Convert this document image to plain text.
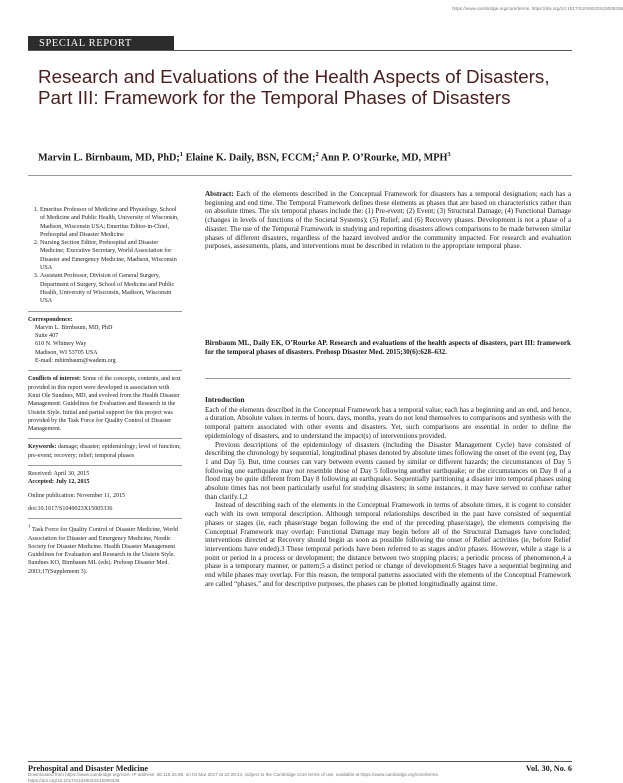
https://www.cambridge.org/core/terms. https://doi.org/10.1017/S1049023X15005336
SPECIAL REPORT
Research and Evaluations of the Health Aspects of Disasters, Part III: Framework for the Temporal Phases of Disasters
Marvin L. Birnbaum, MD, PhD;$^1$ Elaine K. Daily, BSN, FCCM;$^2$ Ann P. O’Rourke, MD, MPH$^3$
1. Emeritus Professor of Medicine and Physiology, School of Medicine and Public Health, University of Wisconsin, Madison, Wisconsin USA; Emeritus Editor-in-Chief, Prehospital and Disaster Medicine
2. Nursing Section Editor, Prehospital and Disaster Medicine; Executive Secretary, World Association for Disaster and Emergency Medicine, Madison, Wisconsin USA
3. Assistant Professor, Division of General Surgery, Department of Surgery, School of Medicine and Public Health, University of Wisconsin, Madison, Wisconsin USA
Correspondence:
Marvin L. Birnbaum, MD, PhD
Suite 407
610 N. Whitney Way
Madison, WI 53705 USA
E-mail: mbirnbaum@wadem.org
Conflicts of interest: Some of the concepts, contents, and text provided in this report were developed in association with Knut Ole Sundnes, MD, and evolved from the Health Disaster Management: Guidelines for Evaluation and Research in the Utstein Style. Initial and partial support for this project was provided by the Task Force for Quality Control of Disaster Management.
Keywords: damage; disaster; epidemiology; level of function; pre-event; recovery; relief; temporal phases
Received: April 30, 2015
Accepted: July 12, 2015
Online publication: November 11, 2015
doi:10.1017/S1049023X15005336
† Task Force for Quality Control of Disaster Medicine, World Association for Disaster and Emergency Medicine, Nordic Society for Disaster Medicine. Health Disaster Management Guidelines for Evaluation and Research in the Utstein Style. Sundnes KO, Birnbaum ML (eds). Prehosp Disaster Med. 2003;17(Supplement 3).

Abstract: Each of the elements described in the Conceptual Framework for disasters has a temporal designation; each has a beginning and end time. The Temporal Framework defines these elements as phases that are based on characteristics rather than on absolute times. The six temporal phases include the: (1) Pre-event; (2) Event; (3) Structural Damage; (4) Functional Damage (changes in levels of functions of the Societal Systems); (5) Relief; and (6) Recovery phases. Development is not a phase of a disaster. The use of the Temporal Framework in studying and reporting disasters allows comparisons to be made between similar phases of different disasters, regardless of the hazard involved and/or the community impacted. For research and evaluation purposes, assessments, plans, and interventions must be described in relation to the appropriate temporal phase.

Birnbaum ML, Daily EK, O’Rourke AP. Research and evaluations of the health aspects of disasters, part III: framework for the temporal phases of disasters. Prehosp Disaster Med. 2015;30(6):628–632.
Introduction

Each of the elements described in the Conceptual Framework has a temporal value; each has a beginning and an end, and hence, a duration. Absolute values in terms of hours, days, months, years do not lend themselves to comparisons and synthesis with the temporal pattern associated with other events and disasters. Yet, such comparisons are essential in order to define the epidemiology of disasters, and to understand the impact(s) of interventions provided.

Previous descriptions of the epidemiology of disasters (including the Disaster Management Cycle) have consisted of describing the chronology by sequential, longitudinal phases denoted by absolute times following the onset of the event (eg, Day 1 and Day 5). But, time courses can vary between events caused by similar or different hazards; the circumstances of Day 5 following one earthquake may not resemble those of Day 5 following another earthquake; or the circumstances on Day 8 of a flood may be quite different from Day 8 following an earthquake. Sequentially partitioning a disaster into temporal phases using absolute times has not been particularly useful for studying disasters; in some instances, it may have served to confuse rather than clarify.1,2

Instead of describing each of the elements in the Conceptual Framework in terms of absolute times, it is cogent to consider each with its own temporal description. Although temporal relationships described in the past have consisted of sequential phases or stages (ie, each phase/stage began following the end of the preceding phase/stage), the elements comprising the Conceptual Framework may overlap: Functional Damage may begin before all of the Structural Damages have concluded; interventions directed at Recovery should begin as soon as possible following the onset of Relief activities (ie, before Relief interventions have ended).3 These temporal periods have been referred to as stages and/or phases. However, while a stage is a point or period in a process or development; the distance between two stopping places; a periodic process of phenomenon,4 a phase is a temporary manner, or pattern;5 a distinct period or change of development.6 Stages have a sequential beginning and end while phases may overlap. For this reason, the temporal patterns associated with the elements of the Conceptual Framework are called “phases,” and for descriptive purposes, the phases can be plotted longitudinally against time.

Prehospital and Disaster Medicine	Vol. 30, No. 6
Downloaded from https://www.cambridge.org/core. IP address: 68.115.33.68, on 04 Mar 2017 at 22:28:43, subject to the Cambridge Core terms of use, available at https://www.cambridge.org/core/terms.
https://doi.org/10.1017/S1049023X15005336
